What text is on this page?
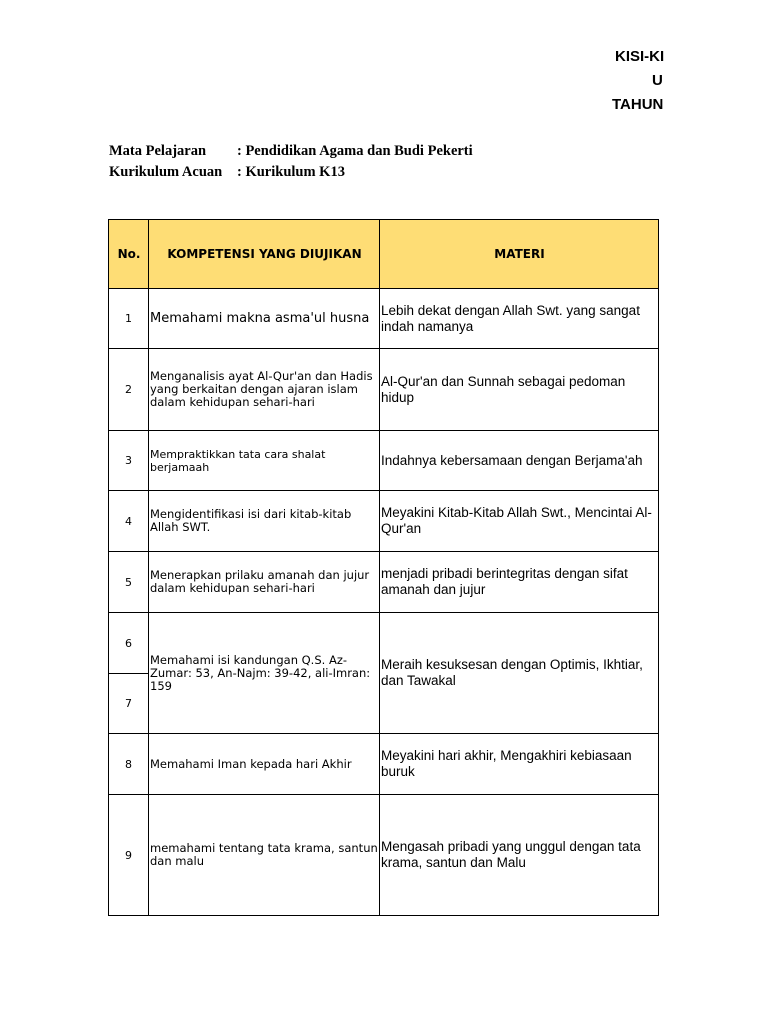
KISI-KI
U
TAHUN
Mata Pelajaran	: Pendidikan Agama dan Budi Pekerti
Kurikulum Acuan	: Kurikulum K13
No.	KOMPETENSI YANG DIUJIKAN	MATERI
1	Memahami makna asma'ul husna	Lebih dekat dengan Allah Swt. yang sangat indah namanya
2	Menganalisis ayat Al-Qur'an dan Hadis yang berkaitan dengan ajaran islam dalam kehidupan sehari-hari	Al-Qur'an dan Sunnah sebagai pedoman hidup
3	Mempraktikkan tata cara shalat berjamaah	Indahnya kebersamaan dengan Berjama'ah
4	Mengidentifikasi isi dari kitab-kitab Allah SWT.	Meyakini Kitab-Kitab Allah Swt., Mencintai Al-Qur'an
5	Menerapkan prilaku amanah dan jujur dalam kehidupan sehari-hari	menjadi pribadi berintegritas dengan sifat amanah dan jujur

6
7	Memahami isi kandungan Q.S. Az-Zumar: 53, An-Najm: 39-42, ali-Imran: 159	Meraih kesuksesan dengan Optimis, Ikhtiar, dan Tawakal
8	Memahami Iman kepada hari Akhir	Meyakini hari akhir, Mengakhiri kebiasaan buruk
9	memahami tentang tata krama, santun dan malu	Mengasah pribadi yang unggul dengan tata krama, santun dan Malu
